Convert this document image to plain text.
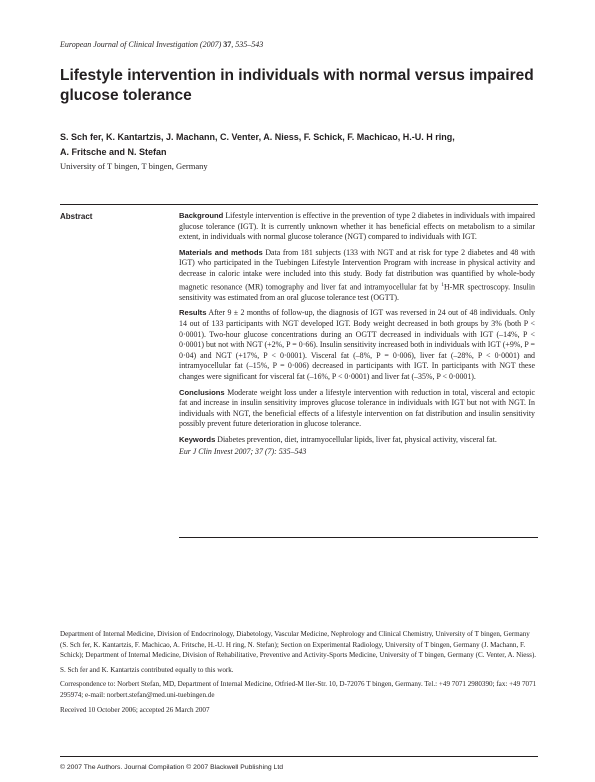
European Journal of Clinical Investigation (2007) 37, 535–543
Lifestyle intervention in individuals with normal versus impaired glucose tolerance
S. Sch fer, K. Kantartzis, J. Machann, C. Venter, A. Niess, F. Schick, F. Machicao, H.-U. H ring,
A. Fritsche and N. Stefan
University of T bingen, T bingen, Germany
Abstract	Background Lifestyle intervention is effective in the prevention of type 2 diabetes in individuals with impaired glucose tolerance (IGT). It is currently unknown whether it has beneficial effects on metabolism to a similar extent, in individuals with normal glucose tolerance (NGT) compared to individuals with IGT.

Materials and methods Data from 181 subjects (133 with NGT and at risk for type 2 diabetes and 48 with IGT) who participated in the Tuebingen Lifestyle Intervention Program with increase in physical activity and decrease in caloric intake were included into this study. Body fat distribution was quantified by whole-body magnetic resonance (MR) tomography and liver fat and intramyocellular fat by $^1$H-MR spectroscopy. Insulin sensitivity was estimated from an oral glucose tolerance test (OGTT).

Results After 9 ± 2 months of follow-up, the diagnosis of IGT was reversed in 24 out of 48 individuals. Only 14 out of 133 participants with NGT developed IGT. Body weight decreased in both groups by 3% (both P < 0·0001). Two-hour glucose concentrations during an OGTT decreased in individuals with IGT (–14%, P < 0·0001) but not with NGT (+2%, P = 0·66). Insulin sensitivity increased both in individuals with IGT (+9%, P = 0·04) and NGT (+17%, P < 0·0001). Visceral fat (–8%, P = 0·006), liver fat (–28%, P < 0·0001) and intramyocellular fat (–15%, P = 0·006) decreased in participants with IGT. In participants with NGT these changes were significant for visceral fat (–16%, P < 0·0001) and liver fat (–35%, P < 0·0001).

Conclusions Moderate weight loss under a lifestyle intervention with reduction in total, visceral and ectopic fat and increase in insulin sensitivity improves glucose tolerance in individuals with IGT but not with NGT. In individuals with NGT, the beneficial effects of a lifestyle intervention on fat distribution and insulin sensitivity possibly prevent future deterioration in glucose tolerance.

Keywords Diabetes prevention, diet, intramyocellular lipids, liver fat, physical activity, visceral fat.

Eur J Clin Invest 2007; 37 (7): 535–543

Department of Internal Medicine, Division of Endocrinology, Diabetology, Vascular Medicine, Nephrology and Clinical Chemistry, University of T bingen, Germany (S. Sch fer, K. Kantartzis, F. Machicao, A. Fritsche, H.-U. H ring, N. Stefan); Section on Experimental Radiology, University of T bingen, Germany (J. Machann, F. Schick); Department of Internal Medicine, Division of Rehabilitative, Preventive and Activity-Sports Medicine, University of T bingen, Germany (C. Venter, A. Niess).

S. Sch fer and K. Kantartzis contributed equally to this work.

Correspondence to: Norbert Stefan, MD, Department of Internal Medicine, Otfried-M ller-Str. 10, D-72076 T bingen, Germany. Tel.: +49 7071 2980390; fax: +49 7071 295974; e-mail: norbert.stefan@med.uni-tuebingen.de

Received 10 October 2006; accepted 26 March 2007

© 2007 The Authors. Journal Compilation © 2007 Blackwell Publishing Ltd
